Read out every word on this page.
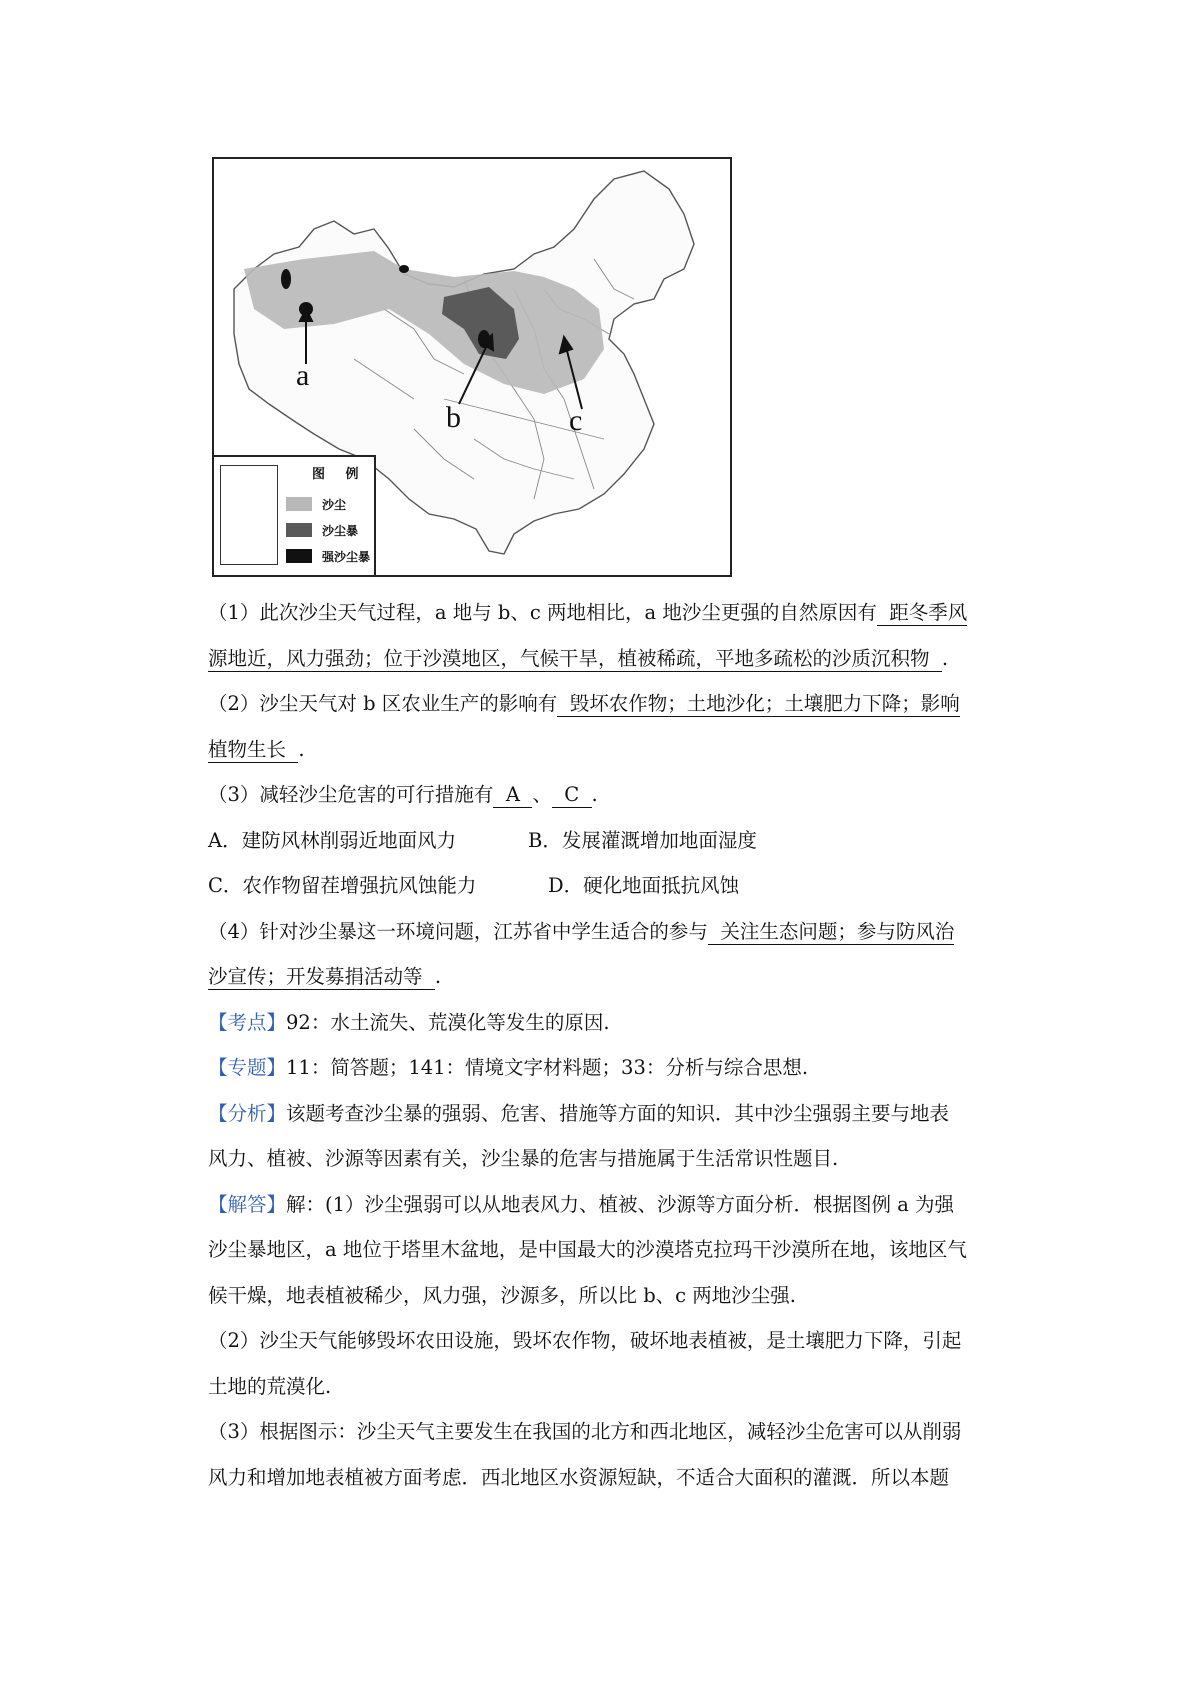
a
b	c
图 例
沙尘
沙尘暴
强沙尘暴
（1）此次沙尘天气过程，a 地与 b、c 两地相比，a 地沙尘更强的自然原因有  距冬季风
源地近，风力强劲；位于沙漠地区，气候干旱，植被稀疏，平地多疏松的沙质沉积物  .
（2）沙尘天气对 b 区农业生产的影响有  毁坏农作物；土地沙化；土壤肥力下降；影响
植物生长  .
（3）减轻沙尘危害的可行措施有  A  、  C  .
A．建防风林削弱近地面风力	B．发展灌溉增加地面湿度
C．农作物留茬增强抗风蚀能力	D．硬化地面抵抗风蚀
（4）针对沙尘暴这一环境问题，江苏省中学生适合的参与  关注生态问题；参与防风治
沙宣传；开发募捐活动等  .
【考点】92：水土流失、荒漠化等发生的原因.
【专题】11：简答题；141：情境文字材料题；33：分析与综合思想.
【分析】该题考查沙尘暴的强弱、危害、措施等方面的知识．其中沙尘强弱主要与地表
风力、植被、沙源等因素有关，沙尘暴的危害与措施属于生活常识性题目.
【解答】解：(1）沙尘强弱可以从地表风力、植被、沙源等方面分析．根据图例 a 为强
沙尘暴地区，a 地位于塔里木盆地，是中国最大的沙漠塔克拉玛干沙漠所在地，该地区气
候干燥，地表植被稀少，风力强，沙源多，所以比 b、c 两地沙尘强.
（2）沙尘天气能够毁坏农田设施，毁坏农作物，破坏地表植被，是土壤肥力下降，引起
土地的荒漠化.
（3）根据图示：沙尘天气主要发生在我国的北方和西北地区，减轻沙尘危害可以从削弱
风力和增加地表植被方面考虑．西北地区水资源短缺，不适合大面积的灌溉．所以本题
